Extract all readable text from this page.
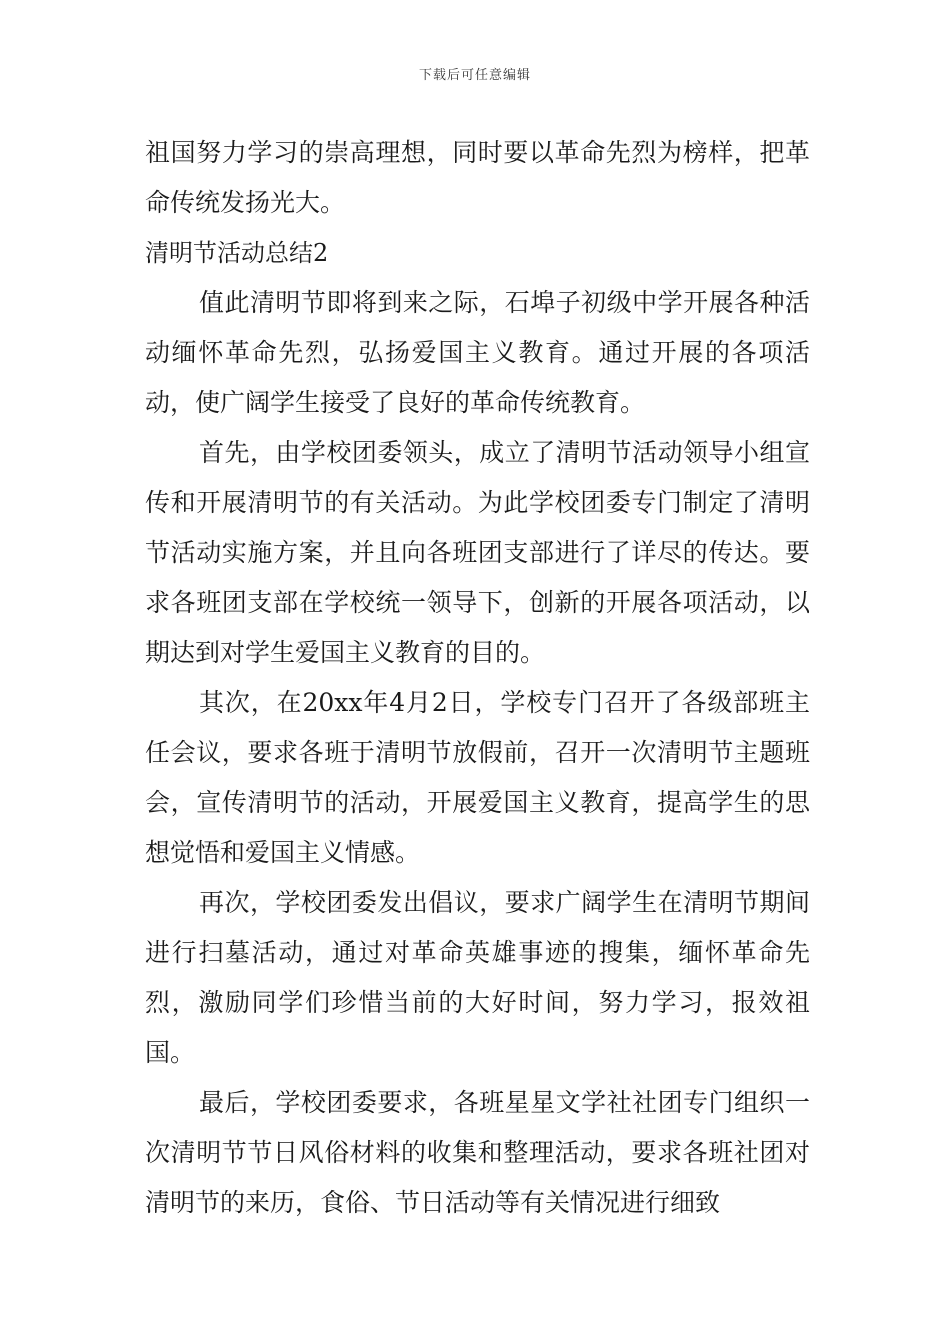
下载后可任意编辑

祖国努力学习的崇高理想，同时要以革命先烈为榜样，把革命传统发扬光大。

清明节活动总结2

值此清明节即将到来之际，石埠子初级中学开展各种活动缅怀革命先烈，弘扬爱国主义教育。通过开展的各项活动，使广阔学生接受了良好的革命传统教育。

首先，由学校团委领头，成立了清明节活动领导小组宣传和开展清明节的有关活动。为此学校团委专门制定了清明节活动实施方案，并且向各班团支部进行了详尽的传达。要求各班团支部在学校统一领导下，创新的开展各项活动，以期达到对学生爱国主义教育的目的。

其次，在20xx年4月2日，学校专门召开了各级部班主任会议，要求各班于清明节放假前，召开一次清明节主题班会，宣传清明节的活动，开展爱国主义教育，提高学生的思想觉悟和爱国主义情感。

再次，学校团委发出倡议，要求广阔学生在清明节期间进行扫墓活动，通过对革命英雄事迹的搜集，缅怀革命先烈，激励同学们珍惜当前的大好时间，努力学习，报效祖国。

最后，学校团委要求，各班星星文学社社团专门组织一次清明节节日风俗材料的收集和整理活动，要求各班社团对清明节的来历，食俗、节日活动等有关情况进行细致
